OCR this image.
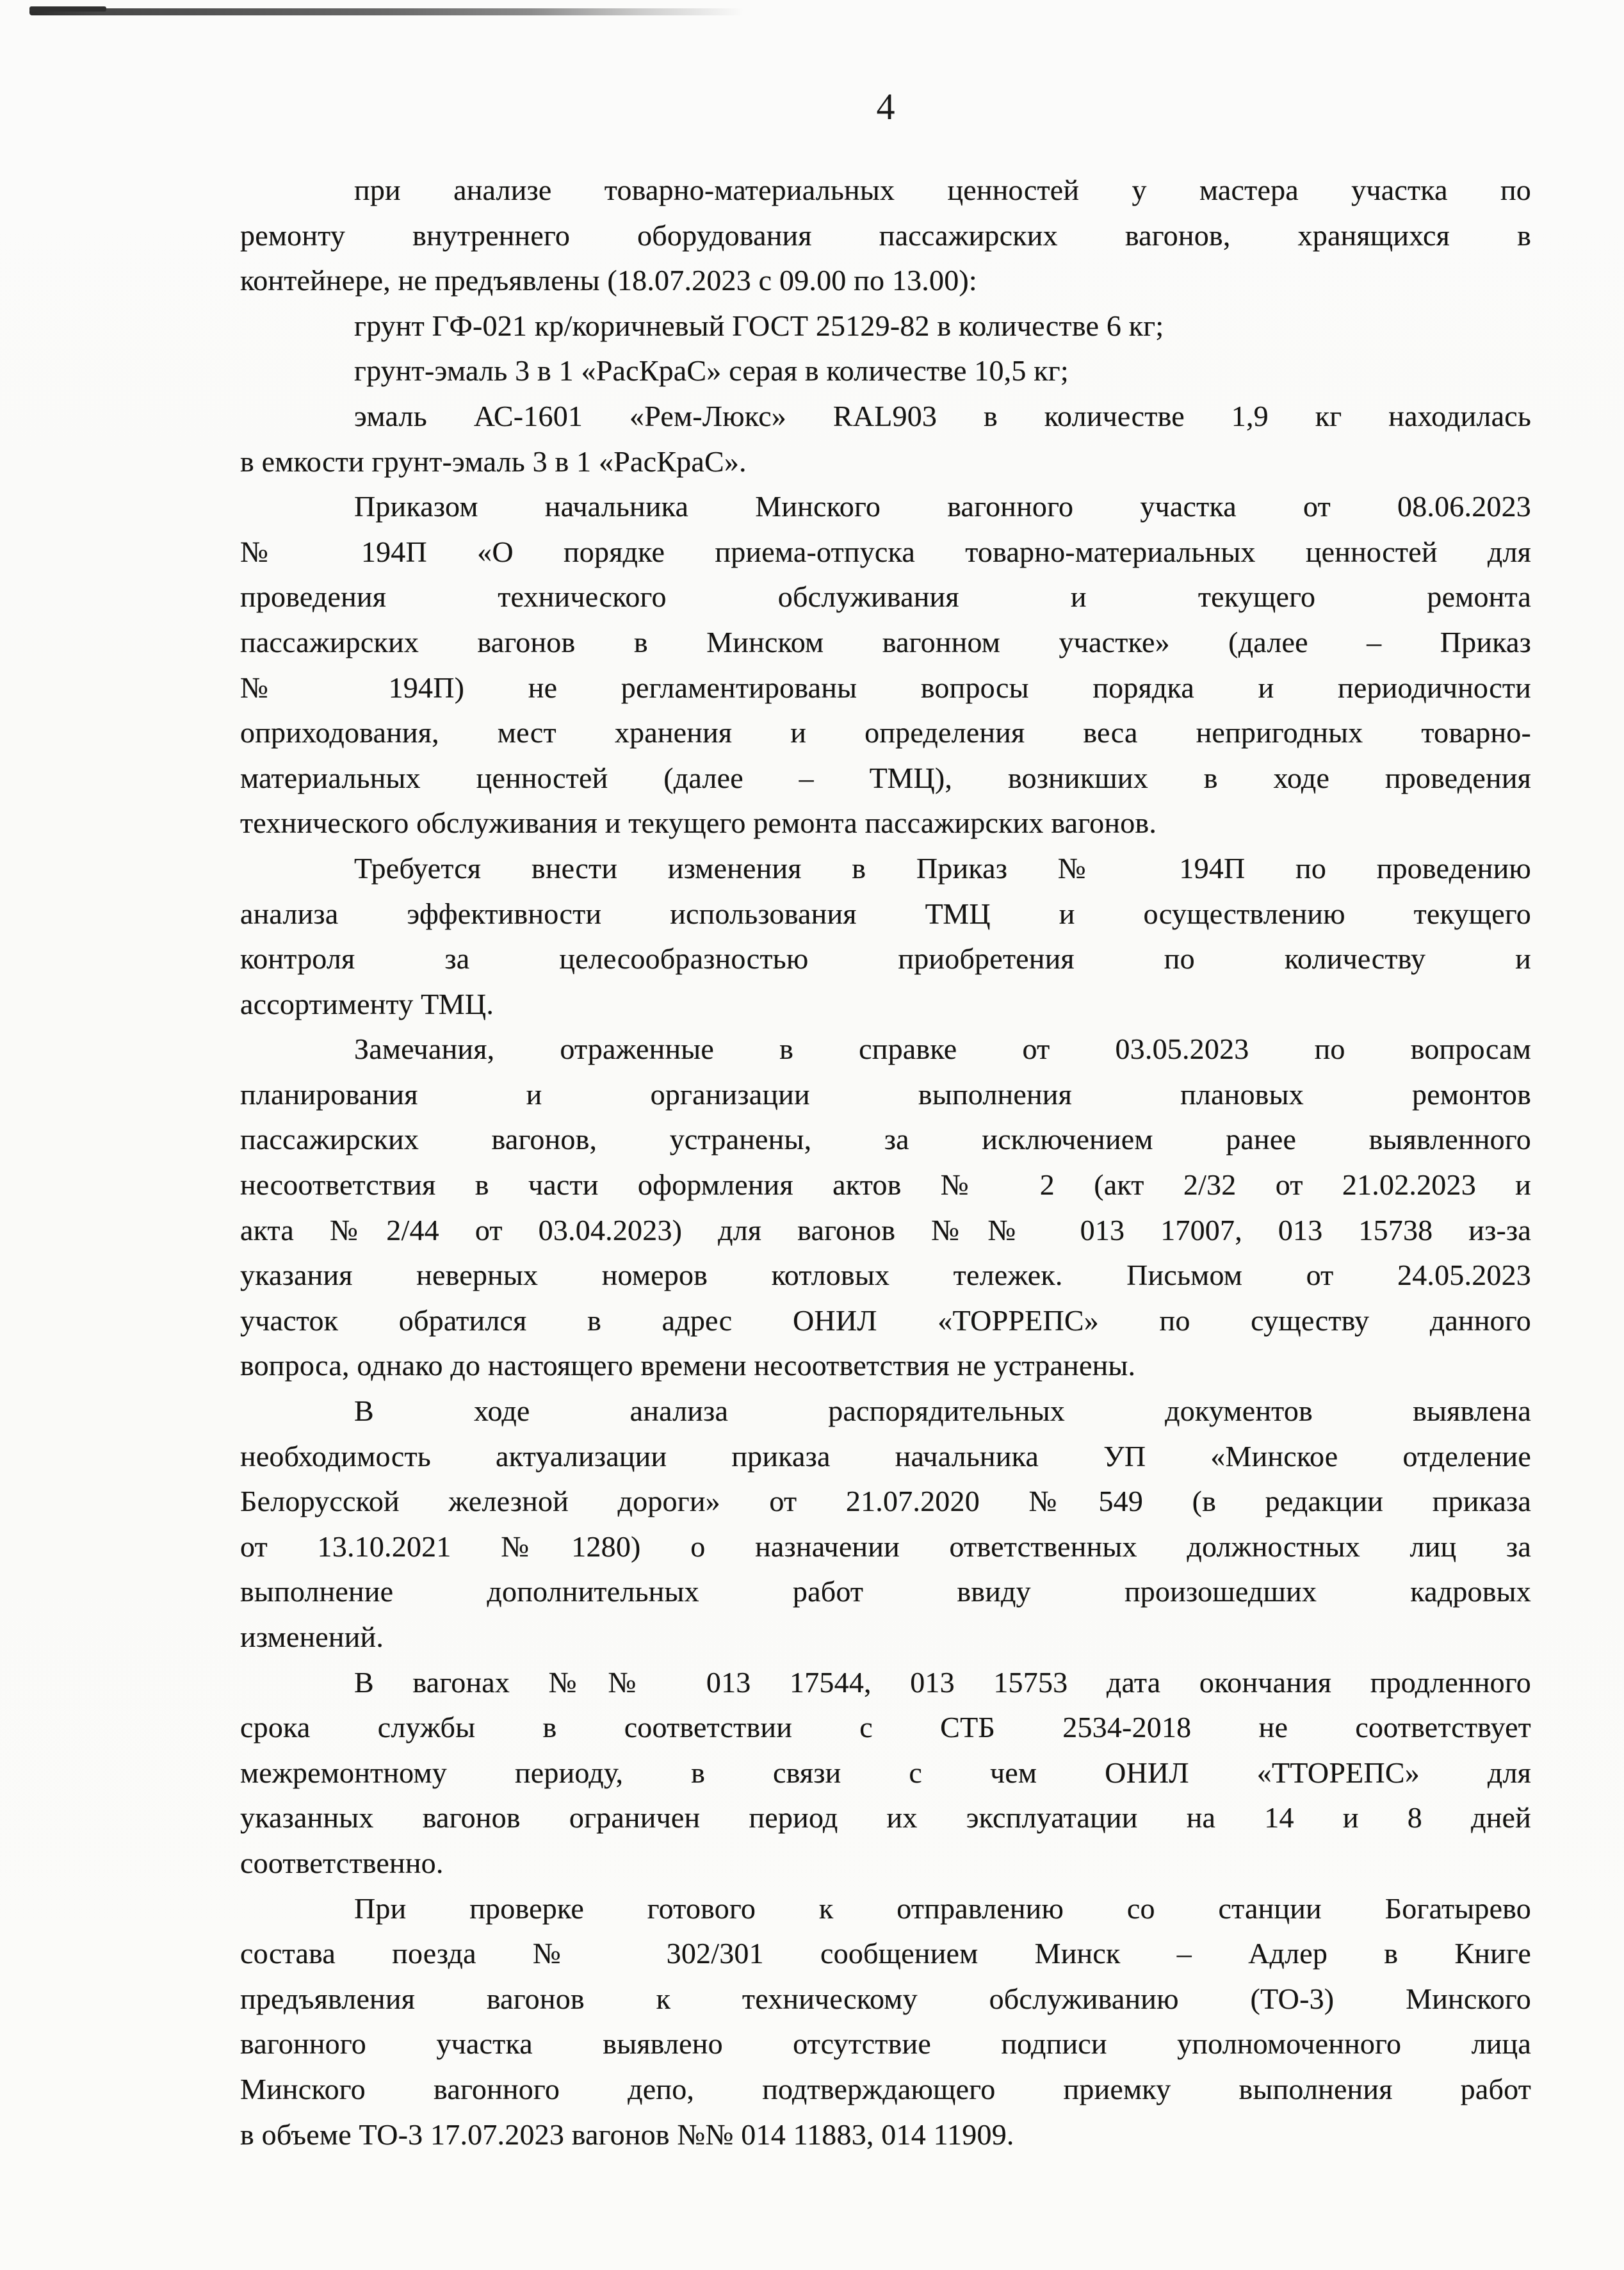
4
при анализе товарно-материальных ценностей у мастера участка по
ремонту внутреннего оборудования пассажирских вагонов, хранящихся в
контейнере, не предъявлены (18.07.2023 с 09.00 по 13.00):
грунт ГФ-021 кр/коричневый ГОСТ 25129-82 в количестве 6 кг;
грунт-эмаль 3 в 1 «РасКраС» серая в количестве 10,5 кг;
эмаль АС-1601 «Рем-Люкс» RAL903 в количестве 1,9 кг находилась
в емкости грунт-эмаль 3 в 1 «РасКраС».
Приказом начальника Минского вагонного участка от 08.06.2023
№ 194П «О порядке приема-отпуска товарно-материальных ценностей для
проведения технического обслуживания и текущего ремонта
пассажирских вагонов в Минском вагонном участке» (далее – Приказ
№ 194П) не регламентированы вопросы порядка и периодичности
оприходования, мест хранения и определения веса непригодных товарно-
материальных ценностей (далее – ТМЦ), возникших в ходе проведения
технического обслуживания и текущего ремонта пассажирских вагонов.
Требуется внести изменения в Приказ № 194П по проведению
анализа эффективности использования ТМЦ и осуществлению текущего
контроля за целесообразностью приобретения по количеству и
ассортименту ТМЦ.
Замечания, отраженные в справке от 03.05.2023 по вопросам
планирования и организации выполнения плановых ремонтов
пассажирских вагонов, устранены, за исключением ранее выявленного
несоответствия в части оформления актов № 2 (акт 2/32 от 21.02.2023 и
акта №2/44 от 03.04.2023) для вагонов №№ 013 17007, 013 15738 из-за
указания неверных номеров котловых тележек. Письмом от 24.05.2023
участок обратился в адрес ОНИЛ «ТОРРЕПС» по существу данного
вопроса, однако до настоящего времени несоответствия не устранены.
В ходе анализа распорядительных документов выявлена
необходимость актуализации приказа начальника УП «Минское отделение
Белорусской железной дороги» от 21.07.2020 №549 (в редакции приказа
от 13.10.2021 №1280) о назначении ответственных должностных лиц за
выполнение дополнительных работ ввиду произошедших кадровых
изменений.
В вагонах №№ 013 17544, 013 15753 дата окончания продленного
срока службы в соответствии с СТБ 2534-2018 не соответствует
межремонтному периоду, в связи с чем ОНИЛ «ТТОРЕПС» для
указанных вагонов ограничен период их эксплуатации на 14 и 8 дней
соответственно.
При проверке готового к отправлению со станции Богатырево
состава поезда № 302/301 сообщением Минск – Адлер в Книге
предъявления вагонов к техническому обслуживанию (ТО-3) Минского
вагонного участка выявлено отсутствие подписи уполномоченного лица
Минского вагонного депо, подтверждающего приемку выполнения работ
в объеме ТО-3 17.07.2023 вагонов №№ 014 11883, 014 11909.
